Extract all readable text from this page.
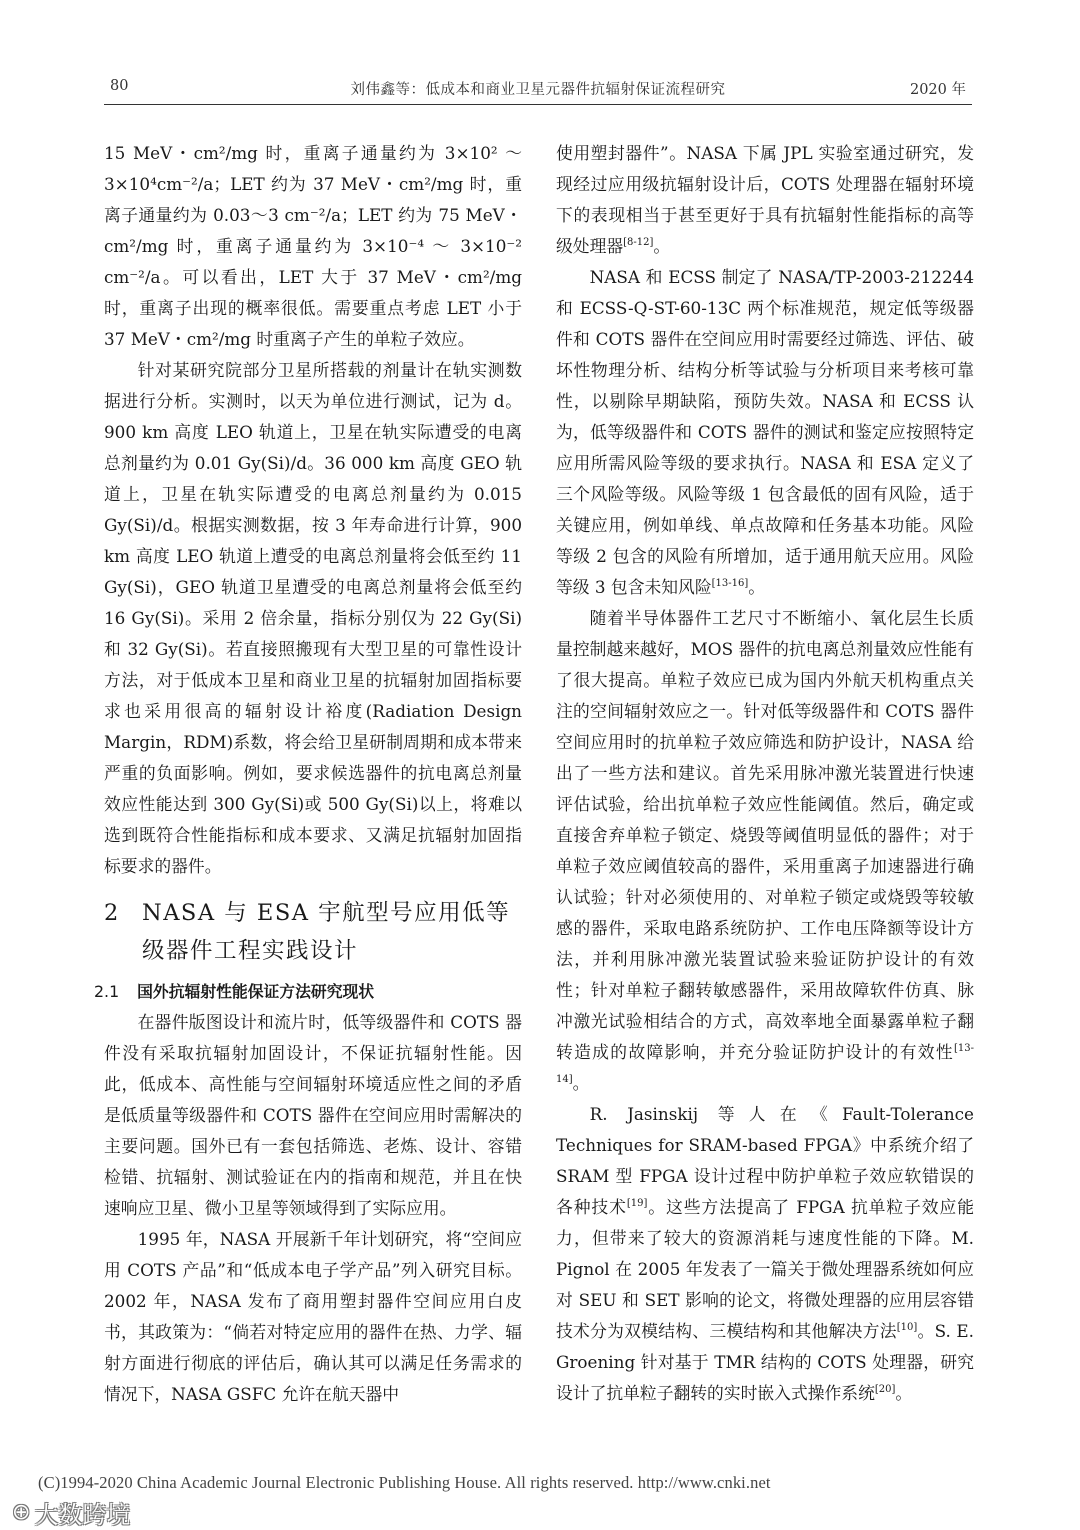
80	刘伟鑫等：低成本和商业卫星元器件抗辐射保证流程研究	2020 年

15 MeV・cm²/mg 时，重离子通量约为 3×10² ～ 3×10⁴cm⁻²/a；LET 约为 37 MeV・cm²/mg 时，重离子通量约为 0.03～3 cm⁻²/a；LET 约为 75 MeV・cm²/mg 时，重离子通量约为 3×10⁻⁴ ～ 3×10⁻² cm⁻²/a。可以看出，LET 大于 37 MeV・cm²/mg 时，重离子出现的概率很低。需要重点考虑 LET 小于 37 MeV・cm²/mg 时重离子产生的单粒子效应。

针对某研究院部分卫星所搭载的剂量计在轨实测数据进行分析。实测时，以天为单位进行测试，记为 d。900 km 高度 LEO 轨道上，卫星在轨实际遭受的电离总剂量约为 0.01 Gy(Si)/d。36 000 km 高度 GEO 轨道上，卫星在轨实际遭受的电离总剂量约为 0.015 Gy(Si)/d。根据实测数据，按 3 年寿命进行计算，900 km 高度 LEO 轨道上遭受的电离总剂量将会低至约 11 Gy(Si)，GEO 轨道卫星遭受的电离总剂量将会低至约 16 Gy(Si)。采用 2 倍余量，指标分别仅为 22 Gy(Si)和 32 Gy(Si)。若直接照搬现有大型卫星的可靠性设计方法，对于低成本卫星和商业卫星的抗辐射加固指标要求也采用很高的辐射设计裕度(Radiation Design Margin，RDM)系数，将会给卫星研制周期和成本带来严重的负面影响。例如，要求候选器件的抗电离总剂量效应性能达到 300 Gy(Si)或 500 Gy(Si)以上，将难以选到既符合性能指标和成本要求、又满足抗辐射加固指标要求的器件。

2 NASA 与 ESA 宇航型号应用低等级器件工程实践设计
2.1 国外抗辐射性能保证方法研究现状

在器件版图设计和流片时，低等级器件和 COTS 器件没有采取抗辐射加固设计，不保证抗辐射性能。因此，低成本、高性能与空间辐射环境适应性之间的矛盾是低质量等级器件和 COTS 器件在空间应用时需解决的主要问题。国外已有一套包括筛选、老炼、设计、容错检错、抗辐射、测试验证在内的指南和规范，并且在快速响应卫星、微小卫星等领域得到了实际应用。

1995 年，NASA 开展新千年计划研究，将“空间应用 COTS 产品”和“低成本电子学产品”列入研究目标。2002 年，NASA 发布了商用塑封器件空间应用白皮书，其政策为：“倘若对特定应用的器件在热、力学、辐射方面进行彻底的评估后，确认其可以满足任务需求的情况下，NASA GSFC 允许在航天器中

使用塑封器件”。NASA 下属 JPL 实验室通过研究，发现经过应用级抗辐射设计后，COTS 处理器在辐射环境下的表现相当于甚至更好于具有抗辐射性能指标的高等级处理器[8-12]。

NASA 和 ECSS 制定了 NASA/TP-2003-212244 和 ECSS-Q-ST-60-13C 两个标准规范，规定低等级器件和 COTS 器件在空间应用时需要经过筛选、评估、破坏性物理分析、结构分析等试验与分析项目来考核可靠性，以剔除早期缺陷，预防失效。NASA 和 ECSS 认为，低等级器件和 COTS 器件的测试和鉴定应按照特定应用所需风险等级的要求执行。NASA 和 ESA 定义了三个风险等级。风险等级 1 包含最低的固有风险，适于关键应用，例如单线、单点故障和任务基本功能。风险等级 2 包含的风险有所增加，适于通用航天应用。风险等级 3 包含未知风险[13-16]。

随着半导体器件工艺尺寸不断缩小、氧化层生长质量控制越来越好，MOS 器件的抗电离总剂量效应性能有了很大提高。单粒子效应已成为国内外航天机构重点关注的空间辐射效应之一。针对低等级器件和 COTS 器件空间应用时的抗单粒子效应筛选和防护设计，NASA 给出了一些方法和建议。首先采用脉冲激光装置进行快速评估试验，给出抗单粒子效应性能阈值。然后，确定或直接舍弃单粒子锁定、烧毁等阈值明显低的器件；对于单粒子效应阈值较高的器件，采用重离子加速器进行确认试验；针对必须使用的、对单粒子锁定或烧毁等较敏感的器件，采取电路系统防护、工作电压降额等设计方法，并利用脉冲激光装置试验来验证防护设计的有效性；针对单粒子翻转敏感器件，采用故障软件仿真、脉冲激光试验相结合的方式，高效率地全面暴露单粒子翻转造成的故障影响，并充分验证防护设计的有效性[13-14]。

R. Jasinskij 等人在《Fault-Tolerance Techniques for SRAM-based FPGA》中系统介绍了 SRAM 型 FPGA 设计过程中防护单粒子效应软错误的各种技术[19]。这些方法提高了 FPGA 抗单粒子效应能力，但带来了较大的资源消耗与速度性能的下降。M. Pignol 在 2005 年发表了一篇关于微处理器系统如何应对 SEU 和 SET 影响的论文，将微处理器的应用层容错技术分为双模结构、三模结构和其他解决方法[10]。S. E. Groening 针对基于 TMR 结构的 COTS 处理器，研究设计了抗单粒子翻转的实时嵌入式操作系统[20]。

(C)1994-2020 China Academic Journal Electronic Publishing House. All rights reserved. http://www.cnki.net
⊕ 大数跨境
